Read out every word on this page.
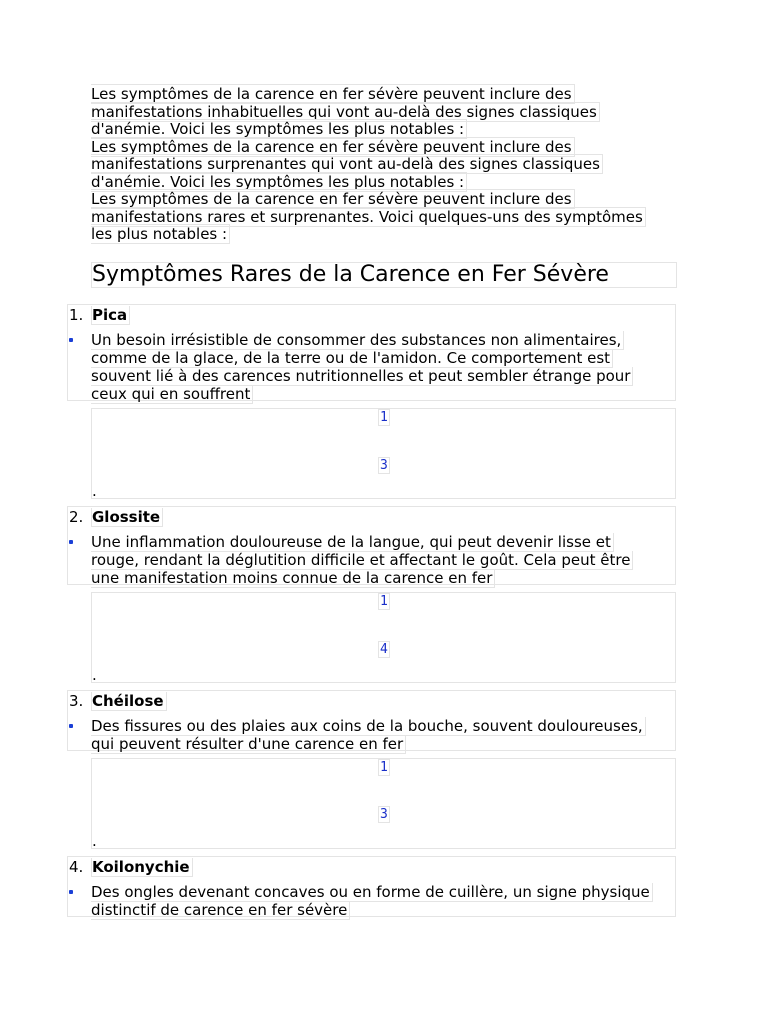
Les symptômes de la carence en fer sévère peuvent inclure des
manifestations inhabituelles qui vont au-delà des signes classiques
d'anémie. Voici les symptômes les plus notables :
Les symptômes de la carence en fer sévère peuvent inclure des
manifestations surprenantes qui vont au-delà des signes classiques
d'anémie. Voici les symptômes les plus notables :
Les symptômes de la carence en fer sévère peuvent inclure des
manifestations rares et surprenantes. Voici quelques-uns des symptômes
les plus notables :
Symptômes Rares de la Carence en Fer Sévère
1. Pica
Un besoin irrésistible de consommer des substances non alimentaires,
comme de la glace, de la terre ou de l'amidon. Ce comportement est
souvent lié à des carences nutritionnelles et peut sembler étrange pour
ceux qui en souffrent
1
3
.
2. Glossite
Une inflammation douloureuse de la langue, qui peut devenir lisse et
rouge, rendant la déglutition difficile et affectant le goût. Cela peut être
une manifestation moins connue de la carence en fer
1
4
.
3. Chéilose
Des fissures ou des plaies aux coins de la bouche, souvent douloureuses,
qui peuvent résulter d'une carence en fer
1
3
.
4. Koilonychie
Des ongles devenant concaves ou en forme de cuillère, un signe physique
distinctif de carence en fer sévère
